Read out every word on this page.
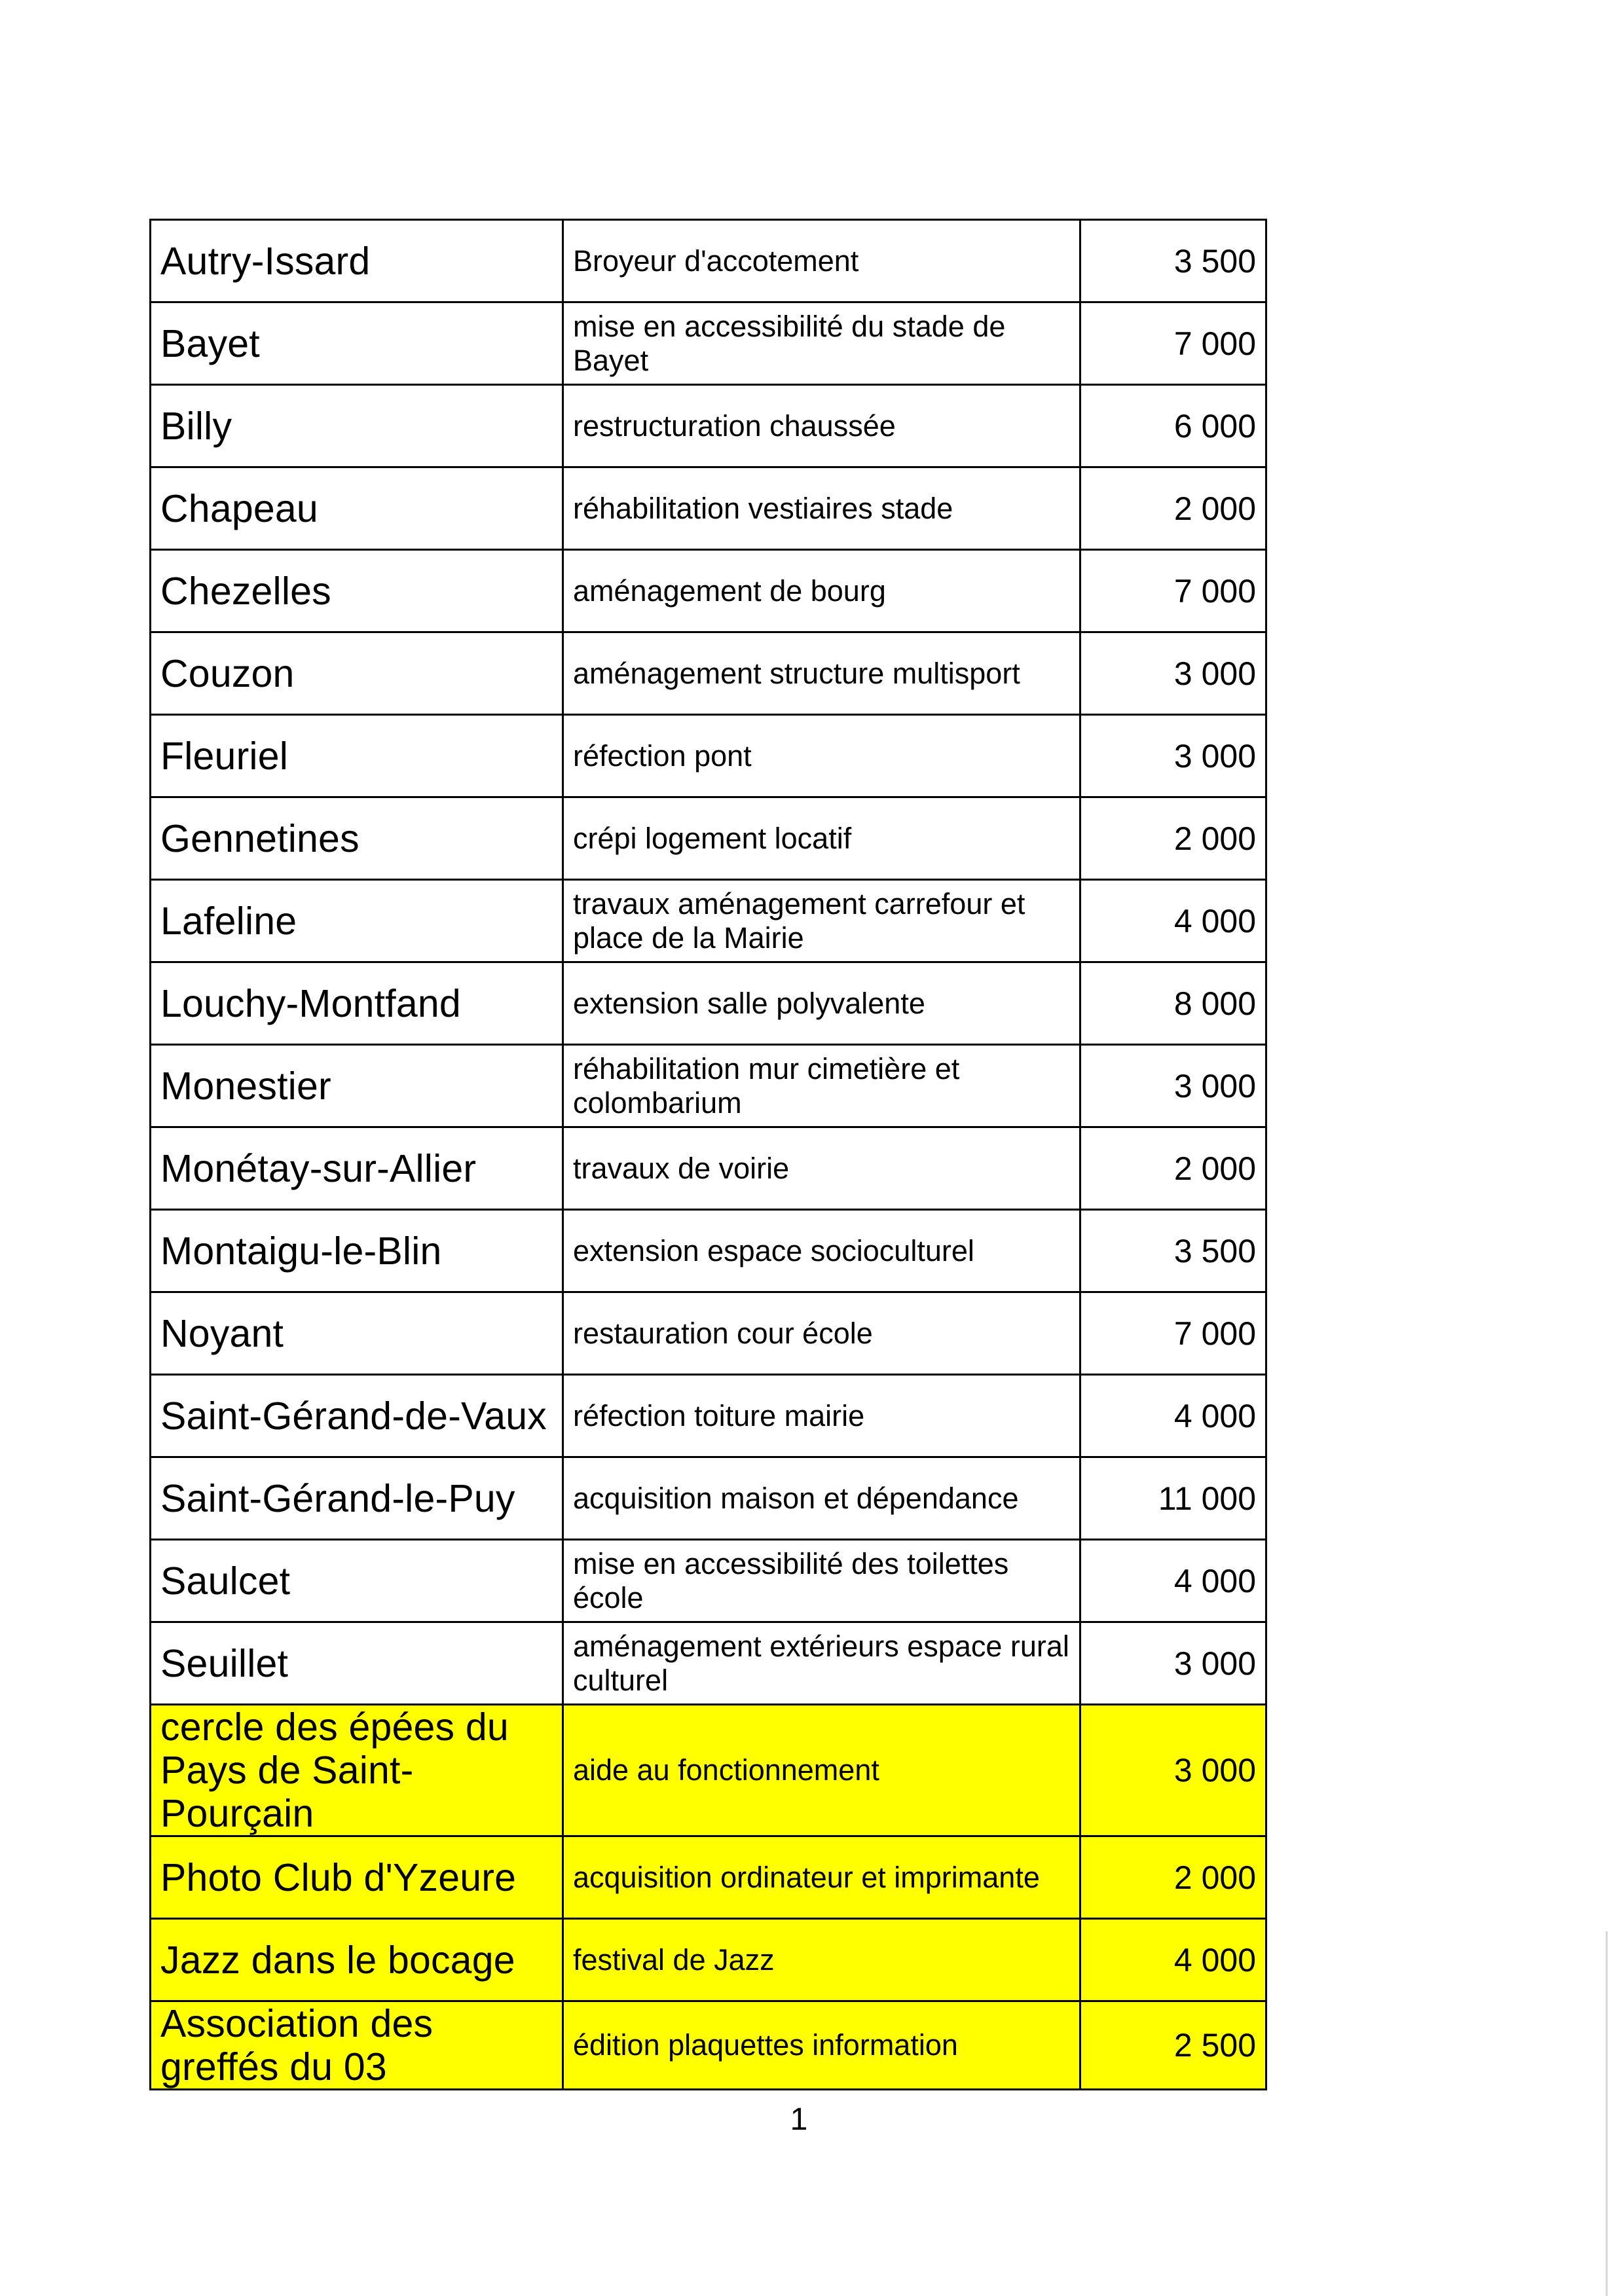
Autry-Issard	Broyeur d'accotement	3 500
Bayet	mise en accessibilité du stade de Bayet	7 000
Billy	restructuration chaussée	6 000
Chapeau	réhabilitation vestiaires stade	2 000
Chezelles	aménagement de bourg	7 000
Couzon	aménagement structure multisport	3 000
Fleuriel	réfection pont	3 000
Gennetines	crépi logement locatif	2 000
Lafeline	travaux aménagement carrefour et place de la Mairie	4 000
Louchy-Montfand	extension salle polyvalente	8 000
Monestier	réhabilitation mur cimetière et colombarium	3 000
Monétay-sur-Allier	travaux de voirie	2 000
Montaigu-le-Blin	extension espace socioculturel	3 500
Noyant	restauration cour école	7 000
Saint-Gérand-de-Vaux	réfection toiture mairie	4 000
Saint-Gérand-le-Puy	acquisition maison et dépendance	11 000
Saulcet	mise en accessibilité des toilettes école	4 000
Seuillet	aménagement extérieurs espace rural culturel	3 000
cercle des épées du Pays de Saint-Pourçain	aide au fonctionnement	3 000
Photo Club d'Yzeure	acquisition ordinateur et imprimante	2 000
Jazz dans le bocage	festival de Jazz	4 000
Association des greffés du 03	édition plaquettes information	2 500
1
